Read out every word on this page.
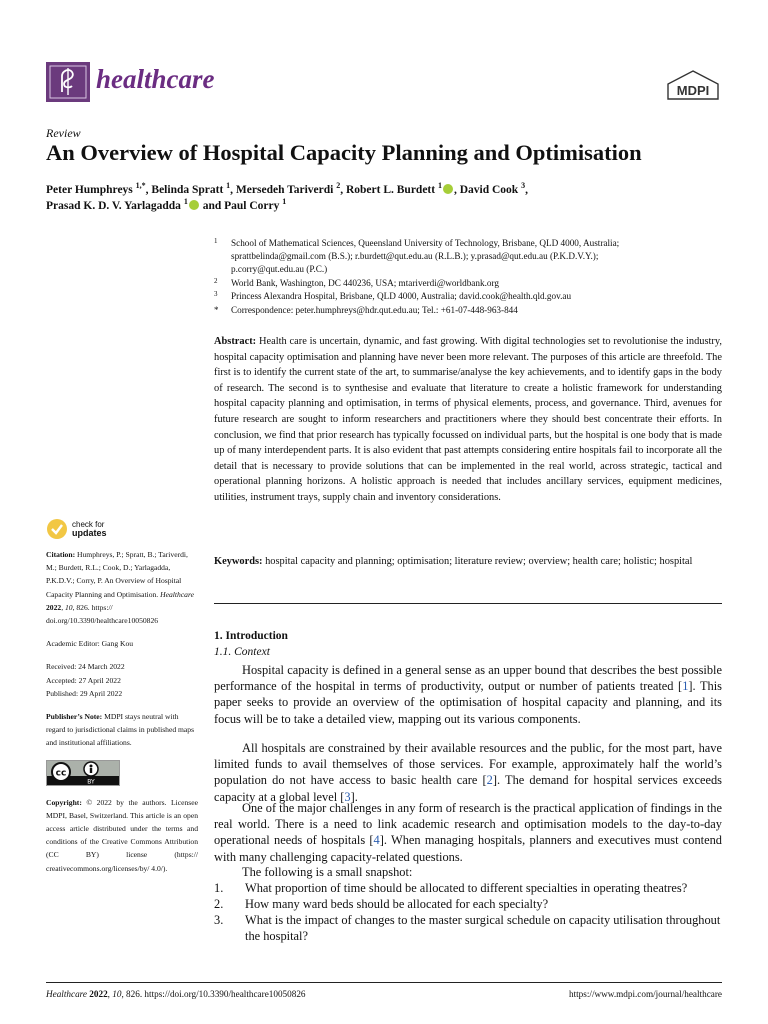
healthcare	MDPI
Review
An Overview of Hospital Capacity Planning and Optimisation
Peter Humphreys $^{1,*}$, Belinda Spratt $^1$, Mersedeh Tariverdi $^2$, Robert L. Burdett $^1$ , David Cook $^3$,
Prasad K. D. V. Yarlagadda $^1$ and Paul Corry $^1$
1 School of Mathematical Sciences, Queensland University of Technology, Brisbane, QLD 4000, Australia;
sprattbelinda@gmail.com (B.S.); r.burdett@qut.edu.au (R.L.B.); y.prasad@qut.edu.au (P.K.D.V.Y.);
p.corry@qut.edu.au (P.C.)
2 World Bank, Washington, DC 440236, USA; mtariverdi@worldbank.org
3 Princess Alexandra Hospital, Brisbane, QLD 4000, Australia; david.cook@health.qld.gov.au
* Correspondence: peter.humphreys@hdr.qut.edu.au; Tel.: +61-07-448-963-844
Abstract: Health care is uncertain, dynamic, and fast growing. With digital technologies set to revolutionise the industry, hospital capacity optimisation and planning have never been more relevant. The purposes of this article are threefold. The first is to identify the current state of the art, to summarise/analyse the key achievements, and to identify gaps in the body of research. The second is to synthesise and evaluate that literature to create a holistic framework for understanding hospital capacity planning and optimisation, in terms of physical elements, process, and governance. Third, avenues for future research are sought to inform researchers and practitioners where they should best concentrate their efforts. In conclusion, we find that prior research has typically focussed on individual parts, but the hospital is one body that is made up of many interdependent parts. It is also evident that past attempts considering entire hospitals fail to incorporate all the detail that is necessary to provide solutions that can be implemented in the real world, across strategic, tactical and operational planning horizons. A holistic approach is needed that includes ancillary services, equipment medicines, utilities, instrument trays, supply chain and inventory considerations.
Keywords: hospital capacity and planning; optimisation; literature review; overview; health care; holistic; hospital
check for
updates

Citation: Humphreys, P.; Spratt, B.; Tariverdi, M.; Burdett, R.L.; Cook, D.; Yarlagadda, P.K.D.V.; Corry, P. An Overview of Hospital Capacity Planning and Optimisation. Healthcare 2022, 10, 826. https:// doi.org/10.3390/healthcare10050826

Academic Editor: Gang Kou

Received: 24 March 2022

Accepted: 27 April 2022

Published: 29 April 2022

Publisher’s Note: MDPI stays neutral with regard to jurisdictional claims in published maps and institutional affiliations.

cc
BY

Copyright: © 2022 by the authors. Licensee MDPI, Basel, Switzerland. This article is an open access article distributed under the terms and conditions of the Creative Commons Attribution (CC BY) license (https:// creativecommons.org/licenses/by/ 4.0/).

1. Introduction
1.1. Context
Hospital capacity is defined in a general sense as an upper bound that describes the best possible performance of the hospital in terms of productivity, output or number of patients treated [1]. This paper seeks to provide an overview of the optimisation of hospital capacity and planning, and its focus will be to take a detailed view, mapping out its various components.
All hospitals are constrained by their available resources and the public, for the most part, have limited funds to avail themselves of those services. For example, approximately half the world’s population do not have access to basic health care [2]. The demand for hospital services exceeds capacity at a global level [3].
One of the major challenges in any form of research is the practical application of findings in the real world. There is a need to link academic research and optimisation models to the day-to-day operational needs of hospitals [4]. When managing hospitals, planners and executives must contend with many challenging capacity-related questions.
The following is a small snapshot:
1. What proportion of time should be allocated to different specialties in operating theatres?
2. How many ward beds should be allocated for each specialty?
3. What is the impact of changes to the master surgical schedule on capacity utilisation throughout the hospital?
Healthcare 2022, 10, 826. https://doi.org/10.3390/healthcare10050826	https://www.mdpi.com/journal/healthcare
